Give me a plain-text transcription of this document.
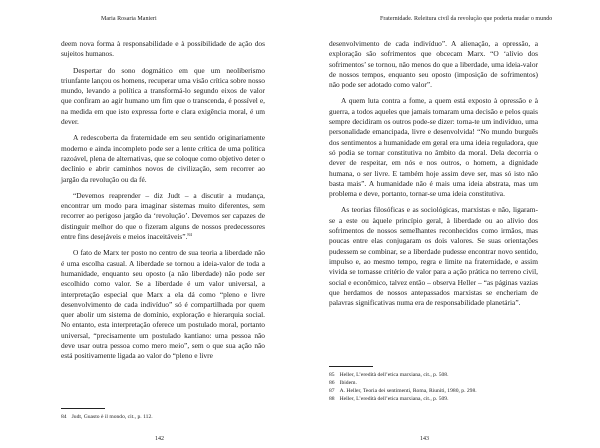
Maria Rosaria Manieri

deem nova forma à responsabilidade e à possibilidade de ação dos sujeitos humanos.

Despertar do sono dogmático em que um neoliberismo triunfante lançou os homens, recuperar uma visão crítica sobre nosso mundo, levando a política a transformá-lo segundo eixos de valor que confiram ao agir humano um fim que o transcenda, é possível e, na medida em que isto expressa forte e clara exigência moral, é um dever.

A redescoberta da fraternidade em seu sentido originariamente moderno e ainda incompleto pode ser a lente crítica de uma política razoável, plena de alternativas, que se coloque como objetivo deter o declínio e abrir caminhos novos de civilização, sem recorrer ao jargão da revolução ou da fé.

“Devemos reaprender – diz Judt – a discutir a mudança, encontrar um modo para imaginar sistemas muito diferentes, sem recorrer ao perigoso jargão da ‘revolução’. Devemos ser capazes de distinguir melhor do que o fizeram alguns de nossos predecessores entre fins desejáveis e meios inaceitáveis”.$^{84}$

O fato de Marx ter posto no centro de sua teoria a liberdade não é uma escolha casual. A liberdade se tornou a ideia-valor de toda a humanidade, enquanto seu oposto (a não liberdade) não pode ser escolhido como valor. Se a liberdade é um valor universal, a interpretação especial que Marx a ela dá como “pleno e livre desenvolvimento de cada indivíduo” só é compartilhada por quem quer abolir um sistema de domínio, exploração e hierarquia social. No entanto, esta interpretação oferece um postulado moral, portanto universal, “precisamente um postulado kantiano: uma pessoa não deve usar outra pessoa como mero meio”, sem o que sua ação não está positivamente ligada ao valor do “pleno e livre

84 Judt, Guasto è il mondo, cit., p. 112.
142
Fraternidade. Releitura civil da revolução que poderia mudar o mundo

desenvolvimento de cada indivíduo”. A alienação, a opressão, a exploração são sofrimentos que obcecam Marx. “O ‘alívio dos sofrimentos’ se tornou, não menos do que a liberdade, uma ideia-valor de nossos tempos, enquanto seu oposto (imposição de sofrimentos) não pode ser adotado como valor”.

A quem luta contra a fome, a quem está exposto à opressão e à guerra, a todos aqueles que jamais tomaram uma decisão e pelos quais sempre decidiram os outros pode-se dizer: torna-te um indivíduo, uma personalidade emancipada, livre e desenvolvida! “No mundo burguês dos sentimentos a humanidade em geral era uma ideia reguladora, que só podia se tornar constitutiva no âmbito da moral. Dela decorria o dever de respeitar, em nós e nos outros, o homem, a dignidade humana, o ser livre. E também hoje assim deve ser, mas só isto não basta mais”. A humanidade não é mais uma ideia abstrata, mas um problema e deve, portanto, tornar-se uma ideia constitutiva.

As teorias filosóficas e as sociológicas, marxistas e não, ligaram-se a este ou àquele princípio geral, à liberdade ou ao alívio dos sofrimentos de nossos semelhantes reconhecidos como irmãos, mas poucas entre elas conjugaram os dois valores. Se suas orientações pudessem se combinar, se a liberdade pudesse encontrar novo sentido, impulso e, ao mesmo tempo, regra e limite na fraternidade, e assim vivida se tornasse critério de valor para a ação prática no terreno civil, social e econômico, talvez então – observa Heller – “as páginas vazias que herdamos de nossos antepassados marxistas se encheriam de palavras significativas numa era de responsabilidade planetária”.

85 Heller, L’eredità dell’etica marxiana, cit., p. 508.
86 Ibidem.
87 A. Heller, Teoria dei sentimenti, Roma, Riuniti, 1980, p. 298.
88 Heller, L’eredità dell’etica marxiana, cit., p. 509.
143
